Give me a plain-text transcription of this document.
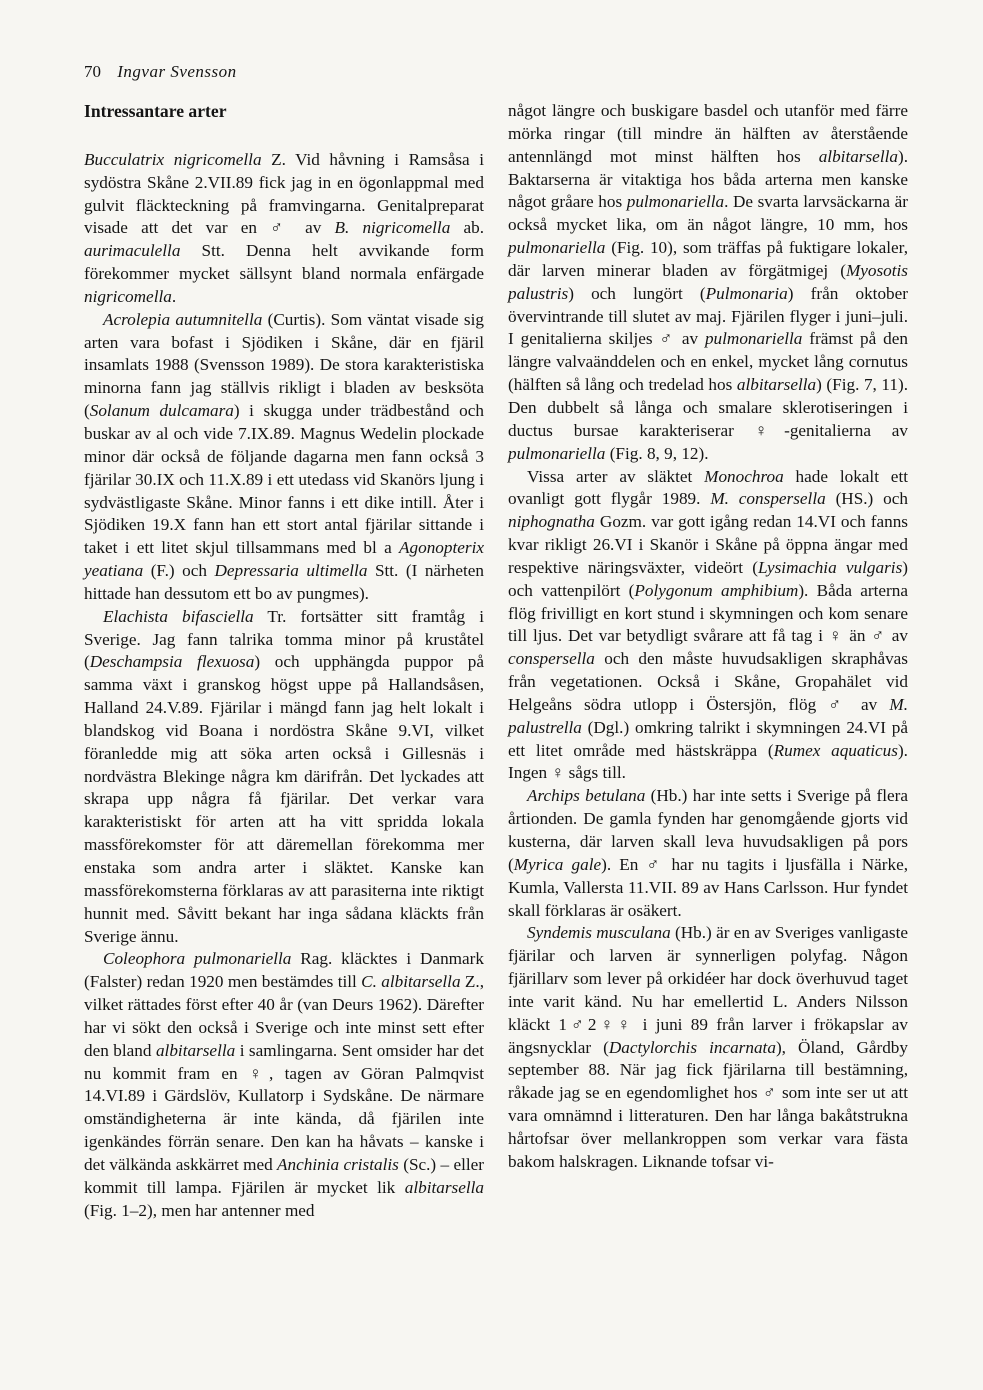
70 Ingvar Svensson
Intressantare arter

Bucculatrix nigricomella Z. Vid håvning i Ramsåsa i sydöstra Skåne 2.VII.89 fick jag in en ögonlappmal med gulvit fläckteckning på framvingarna. Genitalpreparat visade att det var en ♂ av B. nigricomella ab. aurimaculella Stt. Denna helt avvikande form förekommer mycket sällsynt bland normala enfärgade nigricomella.

Acrolepia autumnitella (Curtis). Som väntat visade sig arten vara bofast i Sjödiken i Skåne, där en fjäril insamlats 1988 (Svensson 1989). De stora karakteristiska minorna fann jag ställvis rikligt i bladen av besksöta (Solanum dulcamara) i skugga under trädbestånd och buskar av al och vide 7.IX.89. Magnus Wedelin plockade minor där också de följande dagarna men fann också 3 fjärilar 30.IX och 11.X.89 i ett utedass vid Skanörs ljung i sydvästligaste Skåne. Minor fanns i ett dike intill. Åter i Sjödiken 19.X fann han ett stort antal fjärilar sittande i taket i ett litet skjul tillsammans med bl a Agonopterix yeatiana (F.) och Depressaria ultimella Stt. (I närheten hittade han dessutom ett bo av pungmes).

Elachista bifasciella Tr. fortsätter sitt framtåg i Sverige. Jag fann talrika tomma minor på kruståtel (Deschampsia flexuosa) och upphängda puppor på samma växt i granskog högst uppe på Hallandsåsen, Halland 24.V.89. Fjärilar i mängd fann jag helt lokalt i blandskog vid Boana i nordöstra Skåne 9.VI, vilket föranledde mig att söka arten också i Gillesnäs i nordvästra Blekinge några km därifrån. Det lyckades att skrapa upp några få fjärilar. Det verkar vara karakteristiskt för arten att ha vitt spridda lokala massförekomster för att däremellan förekomma mer enstaka som andra arter i släktet. Kanske kan massförekomsterna förklaras av att parasiterna inte riktigt hunnit med. Såvitt bekant har inga sådana kläckts från Sverige ännu.

Coleophora pulmonariella Rag. kläcktes i Danmark (Falster) redan 1920 men bestämdes till C. albitarsella Z., vilket rättades först efter 40 år (van Deurs 1962). Därefter har vi sökt den också i Sverige och inte minst sett efter den bland albitarsella i samlingarna. Sent omsider har det nu kommit fram en ♀, tagen av Göran Palmqvist 14.VI.89 i Gärdslöv, Kullatorp i Sydskåne. De närmare omständigheterna är inte kända, då fjärilen inte igenkändes förrän senare. Den kan ha håvats – kanske i det välkända askkärret med Anchinia cristalis (Sc.) – eller kommit till lampa. Fjärilen är mycket lik albitarsella (Fig. 1–2), men har antenner med

något längre och buskigare basdel och utanför med färre mörka ringar (till mindre än hälften av återstående antennlängd mot minst hälften hos albitarsella). Baktarserna är vitaktiga hos båda arterna men kanske något gråare hos pulmonariella. De svarta larvsäckarna är också mycket lika, om än något längre, 10 mm, hos pulmonariella (Fig. 10), som träffas på fuktigare lokaler, där larven minerar bladen av förgätmigej (Myosotis palustris) och lungört (Pulmonaria) från oktober övervintrande till slutet av maj. Fjärilen flyger i juni–juli. I genitalierna skiljes ♂ av pulmonariella främst på den längre valvaänddelen och en enkel, mycket lång cornutus (hälften så lång och tredelad hos albitarsella) (Fig. 7, 11). Den dubbelt så långa och smalare sklerotiseringen i ductus bursae karakteriserar ♀-genitalierna av pulmonariella (Fig. 8, 9, 12).

Vissa arter av släktet Monochroa hade lokalt ett ovanligt gott flygår 1989. M. conspersella (HS.) och niphognatha Gozm. var gott igång redan 14.VI och fanns kvar rikligt 26.VI i Skanör i Skåne på öppna ängar med respektive näringsväxter, videört (Lysimachia vulgaris) och vattenpilört (Polygonum amphibium). Båda arterna flög frivilligt en kort stund i skymningen och kom senare till ljus. Det var betydligt svårare att få tag i ♀ än ♂ av conspersella och den måste huvudsakligen skraphåvas från vegetationen. Också i Skåne, Gropahälet vid Helgeåns södra utlopp i Östersjön, flög ♂ av M. palustrella (Dgl.) omkring talrikt i skymningen 24.VI på ett litet område med hästskräppa (Rumex aquaticus). Ingen ♀ sågs till.

Archips betulana (Hb.) har inte setts i Sverige på flera årtionden. De gamla fynden har genomgående gjorts vid kusterna, där larven skall leva huvudsakligen på pors (Myrica gale). En ♂ har nu tagits i ljusfälla i Närke, Kumla, Vallersta 11.VII. 89 av Hans Carlsson. Hur fyndet skall förklaras är osäkert.

Syndemis musculana (Hb.) är en av Sveriges vanligaste fjärilar och larven är synnerligen polyfag. Någon fjärillarv som lever på orkidéer har dock överhuvud taget inte varit känd. Nu har emellertid L. Anders Nilsson kläckt 1♂2♀♀ i juni 89 från larver i frökapslar av ängsnycklar (Dactylorchis incarnata), Öland, Gårdby september 88. När jag fick fjärilarna till bestämning, råkade jag se en egendomlighet hos ♂ som inte ser ut att vara omnämnd i litteraturen. Den har långa bakåtstrukna hårtofsar över mellankroppen som verkar vara fästa bakom halskragen. Liknande tofsar vi-
